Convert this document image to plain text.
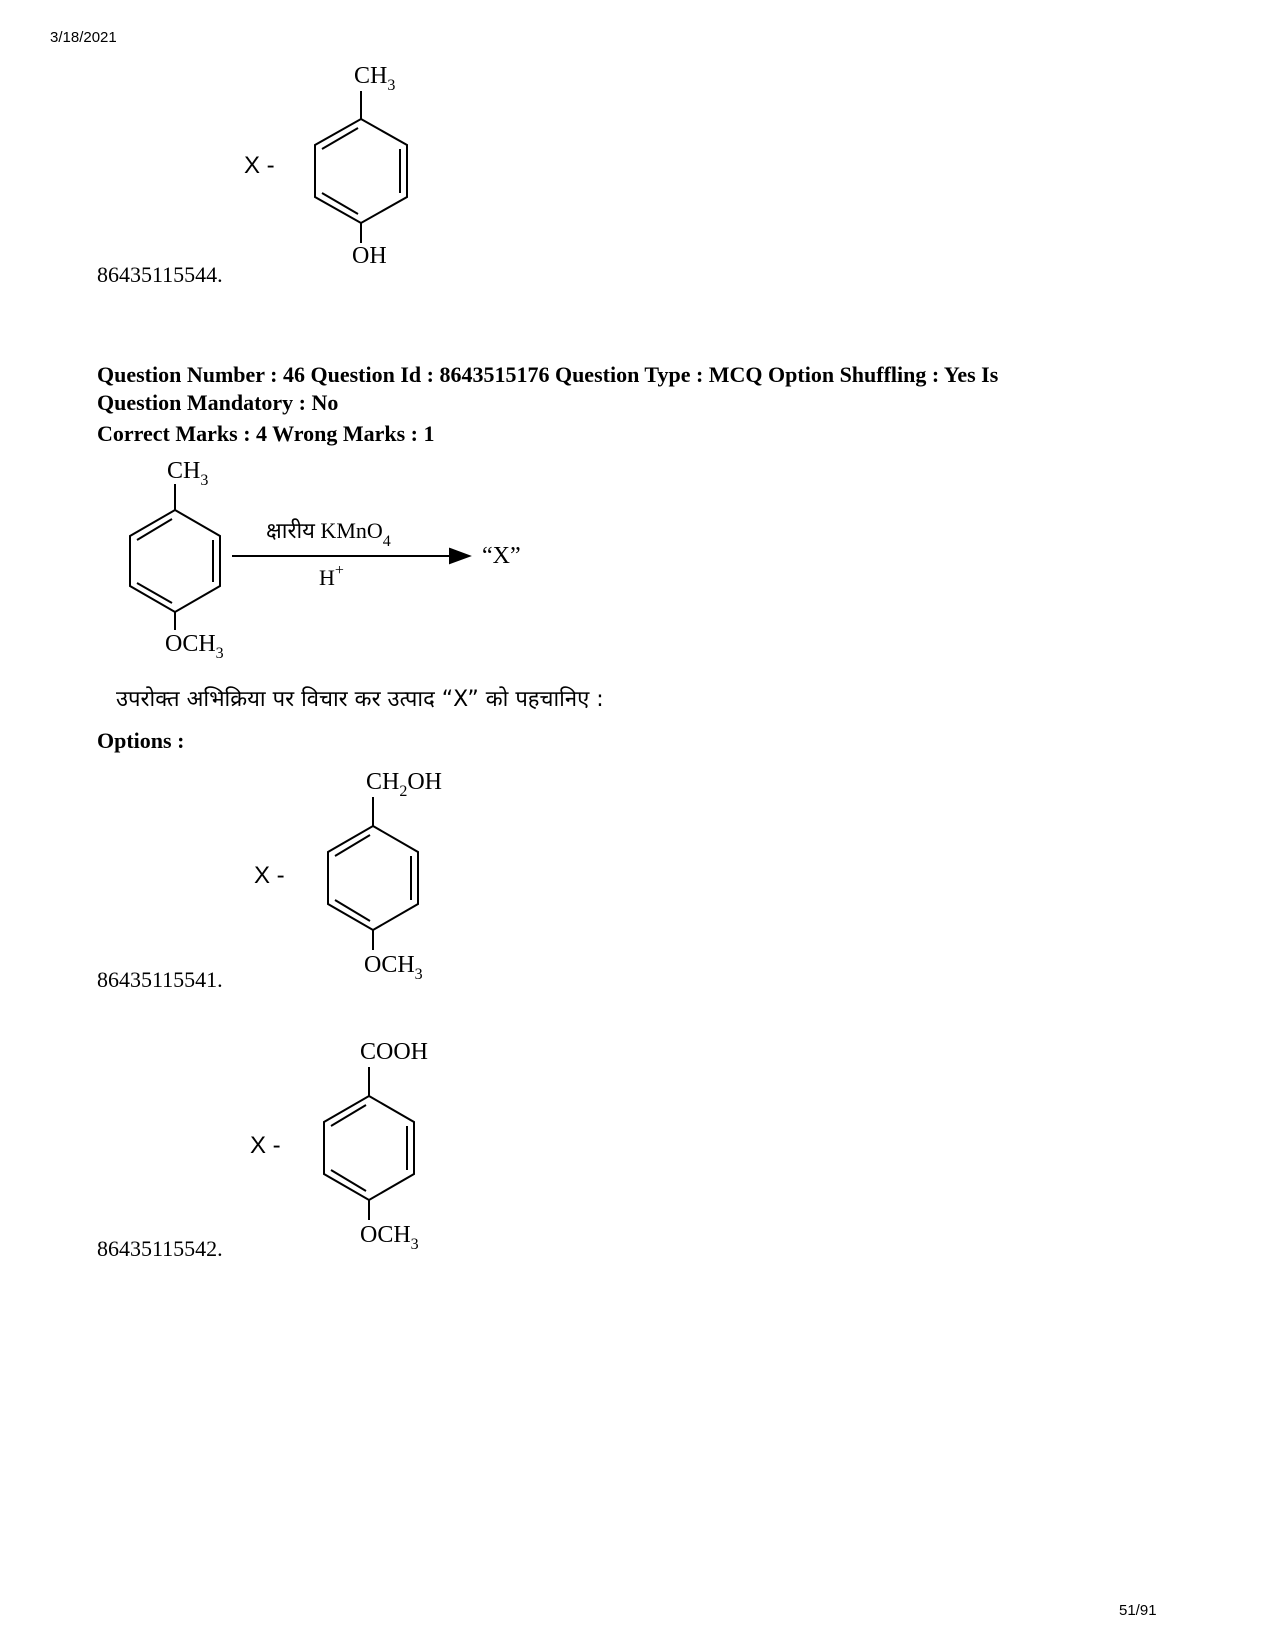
3/18/2021
51/91
X -
$CH_3$
OH
86435115544.
Question Number : 46 Question Id : 8643515176 Question Type : MCQ Option Shuffling : Yes Is
Question Mandatory : No
Correct Marks : 4 Wrong Marks : 1
$CH_3$
$OCH_3$
क्षारीय KMnO$_4$
H+
“X”
उपरोक्त अभिक्रिया पर विचार कर उत्पाद “X” को पहचानिए :
Options :
X -
$CH_2OH$
$OCH_3$
86435115541.
X -
COOH
$OCH_3$
86435115542.
